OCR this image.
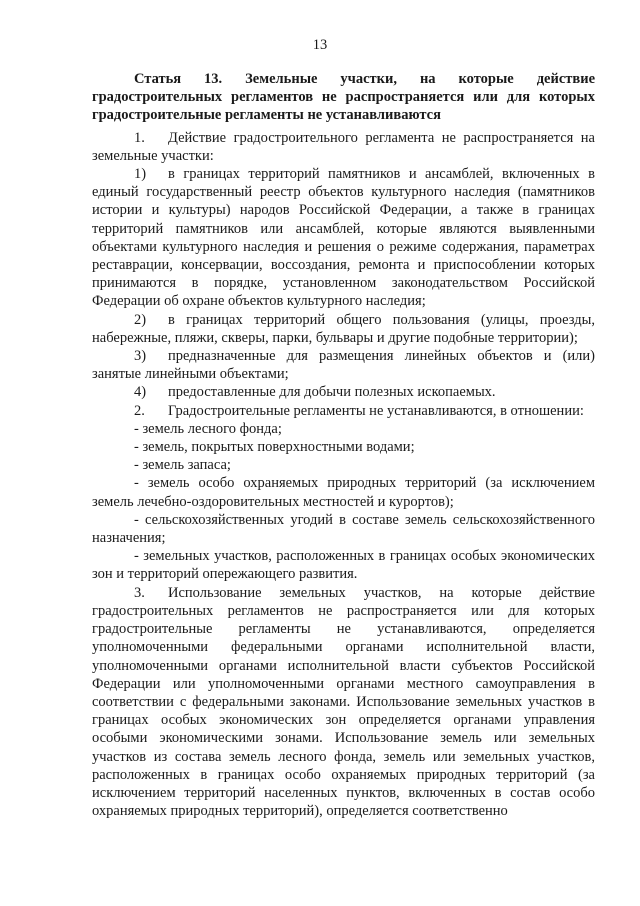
13

Статья 13. Земельные участки, на которые действие градостроительных регламентов не распространяется или для которых градостроительные регламенты не устанавливаются

1. Действие градостроительного регламента не распространяется на земельные участки:

1) в границах территорий памятников и ансамблей, включенных в единый государственный реестр объектов культурного наследия (памятников истории и культуры) народов Российской Федерации, а также в границах территорий памятников или ансамблей, которые являются выявленными объектами культурного наследия и решения о режиме содержания, параметрах реставрации, консервации, воссоздания, ремонта и приспособлении которых принимаются в порядке, установленном законодательством Российской Федерации об охране объектов культурного наследия;

2) в границах территорий общего пользования (улицы, проезды, набережные, пляжи, скверы, парки, бульвары и другие подобные территории);

3) предназначенные для размещения линейных объектов и (или) занятые линейными объектами;

4) предоставленные для добычи полезных ископаемых.

2. Градостроительные регламенты не устанавливаются, в отношении:

- земель лесного фонда;

- земель, покрытых поверхностными водами;

- земель запаса;

- земель особо охраняемых природных территорий (за исключением земель лечебно-оздоровительных местностей и курортов);

- сельскохозяйственных угодий в составе земель сельскохозяйственного назначения;

- земельных участков, расположенных в границах особых экономических зон и территорий опережающего развития.

3. Использование земельных участков, на которые действие градостроительных регламентов не распространяется или для которых градостроительные регламенты не устанавливаются, определяется уполномоченными федеральными органами исполнительной власти, уполномоченными органами исполнительной власти субъектов Российской Федерации или уполномоченными органами местного самоуправления в соответствии с федеральными законами. Использование земельных участков в границах особых экономических зон определяется органами управления особыми экономическими зонами. Использование земель или земельных участков из состава земель лесного фонда, земель или земельных участков, расположенных в границах особо охраняемых природных территорий (за исключением территорий населенных пунктов, включенных в состав особо охраняемых природных территорий), определяется соответственно
